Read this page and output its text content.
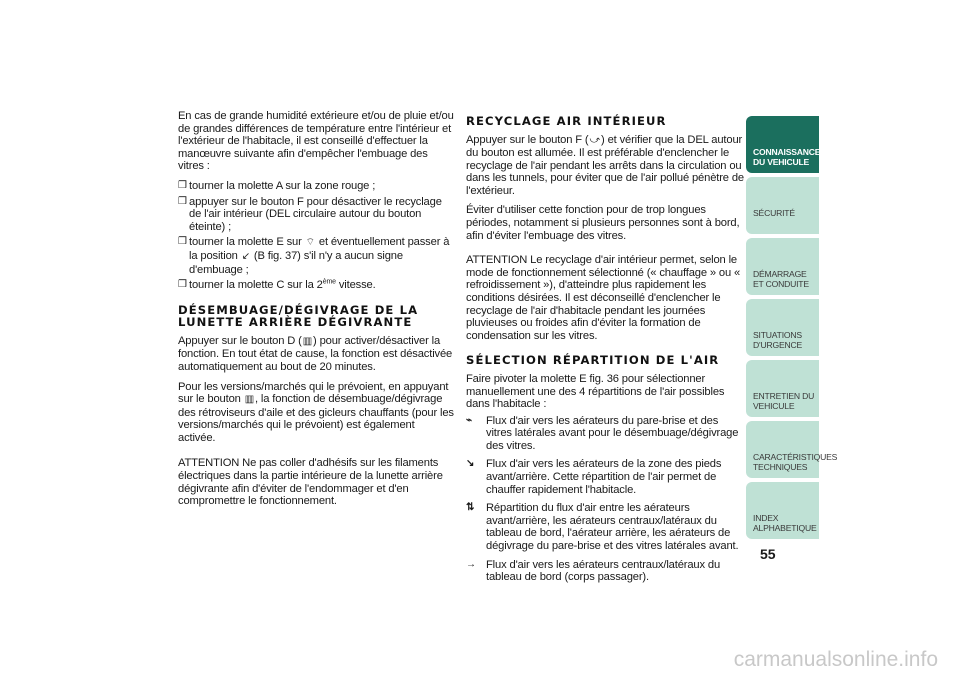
En cas de grande humidité extérieure et/ou de pluie et/ou de grandes différences de température entre l'intérieur et l'extérieur de l'habitacle, il est conseillé d'effectuer la manœuvre suivante afin d'empêcher l'embuage des vitres :

❒ tourner la molette A sur la zone rouge ;
❒ appuyer sur le bouton F pour désactiver le recyclage de l'air intérieur (DEL circulaire autour du bouton éteinte) ;
❒ tourner la molette E sur ⌔ et éventuellement passer à la position ↙ (B fig. 37) s'il n'y a aucun signe d'embuage ;
❒ tourner la molette C sur la 2ème vitesse.
DÉSEMBUAGE/DÉGIVRAGE DE LA LUNETTE ARRIÈRE DÉGIVRANTE

Appuyer sur le bouton D (▥) pour activer/désactiver la fonction. En tout état de cause, la fonction est désactivée automatiquement au bout de 20 minutes.

Pour les versions/marchés qui le prévoient, en appuyant sur le bouton ▥, la fonction de désembuage/dégivrage des rétroviseurs d'aile et des gicleurs chauffants (pour les versions/marchés qui le prévoient) est également activée.

ATTENTION Ne pas coller d'adhésifs sur les filaments électriques dans la partie intérieure de la lunette arrière dégivrante afin d'éviter de l'endommager et d'en compromettre le fonctionnement.

RECYCLAGE AIR INTÉRIEUR

Appuyer sur le bouton F (⤻) et vérifier que la DEL autour du bouton est allumée. Il est préférable d'enclencher le recyclage de l'air pendant les arrêts dans la circulation ou dans les tunnels, pour éviter que de l'air pollué pénètre de l'extérieur.

Éviter d'utiliser cette fonction pour de trop longues périodes, notamment si plusieurs personnes sont à bord, afin d'éviter l'embuage des vitres.

ATTENTION Le recyclage d'air intérieur permet, selon le mode de fonctionnement sélectionné (« chauffage » ou « refroidissement »), d'atteindre plus rapidement les conditions désirées. Il est déconseillé d'enclencher le recyclage de l'air d'habitacle pendant les journées pluvieuses ou froides afin d'éviter la formation de condensation sur les vitres.

SÉLECTION RÉPARTITION DE L'AIR

Faire pivoter la molette E fig. 36 pour sélectionner manuellement une des 4 répartitions de l'air possibles dans l'habitacle :

⌁	Flux d'air vers les aérateurs du pare-brise et des vitres latérales avant pour le désembuage/dégivrage des vitres.
↘	Flux d'air vers les aérateurs de la zone des pieds avant/arrière. Cette répartition de l'air permet de chauffer rapidement l'habitacle.
⇅	Répartition du flux d'air entre les aérateurs avant/arrière, les aérateurs centraux/latéraux du tableau de bord, l'aérateur arrière, les aérateurs de dégivrage du pare-brise et des vitres latérales avant.
→ Flux d'air vers les aérateurs centraux/latéraux du tableau de bord (corps passager).
CONNAISSANCE DU VEHICULE
SÉCURITÉ
DÉMARRAGE ET CONDUITE
SITUATIONS D'URGENCE
ENTRETIEN DU VEHICULE
CARACTÉRISTIQUES TECHNIQUES
INDEX ALPHABETIQUE
55
carmanualsonline.info
